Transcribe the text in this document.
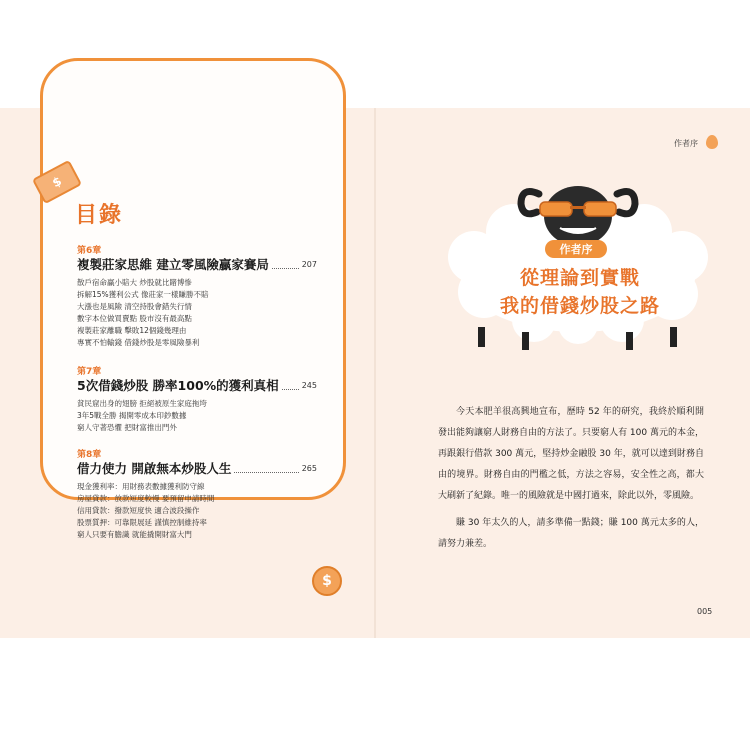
$
$
目錄
第6章
複製莊家思維 建立零風險贏家賽局	207
散戶宿命贏小賠大 炒股就比賭博慘
拆解15%獲利公式 像莊家一樣賺勝不賠
大漲也是風險 清空持股會錯失行情
數字本位做買賣點 股市沒有最高點
複製莊家離職 擊敗12個錢幾理由
專實不怕輸錢 借錢炒股是零風險暴利
第7章
5次借錢炒股 勝率100%的獲利真相	245
貧民窟出身的翅膀 拒絕被原生家庭拖垮
3年5戰全勝 揭開零成本印鈔數據
窮人守著恐懼 把財富推出門外
第8章
借力使力 開啟無本炒股人生	265
現金獲利率：用財務表數據獲利防守線
房屋貸款：放款短度較慢 要預留申請時間
信用貸款：撥款短度快 適合波段操作
股票質押：可靠限展延 謹慎控制維持率
窮人只要有膽識 就能撬開財富大門
作者序
作者序
從理論到實戰
我的借錢炒股之路

今天本肥羊很高興地宣布，歷時 52 年的研究，我終於順利開發出能夠讓窮人財務自由的方法了。只要窮人有 100 萬元的本金，再跟銀行借款 300 萬元，堅持炒金融股 30 年，就可以達到財務自由的境界。財務自由的門檻之低，方法之容易，安全性之高，都大大刷新了紀錄。唯一的風險就是中國打過來，除此以外，零風險。

賺 30 年太久的人，請多準備一點錢；賺 100 萬元太多的人，請努力兼差。

005
